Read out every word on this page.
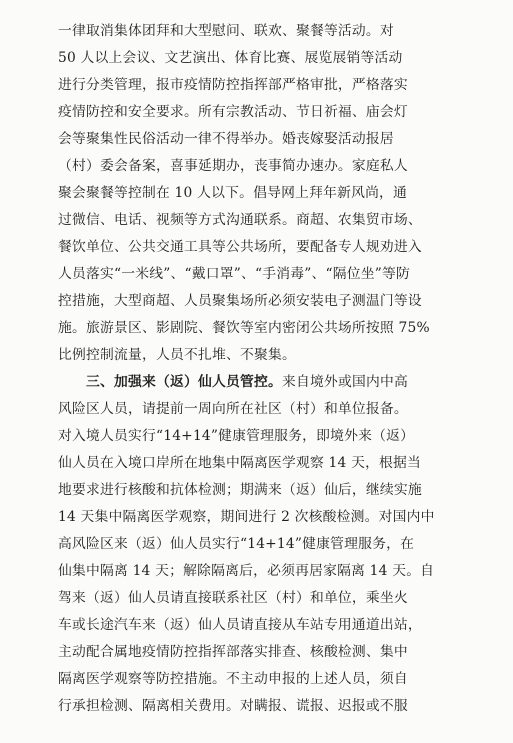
一律取消集体团拜和大型慰问、联欢、聚餐等活动。对
50 人以上会议、文艺演出、体育比赛、展览展销等活动
进行分类管理，报市疫情防控指挥部严格审批，严格落实
疫情防控和安全要求。所有宗教活动、节日祈福、庙会灯
会等聚集性民俗活动一律不得举办。婚丧嫁娶活动报居
（村）委会备案，喜事延期办，丧事简办速办。家庭私人
聚会聚餐等控制在 10 人以下。倡导网上拜年新风尚，通
过微信、电话、视频等方式沟通联系。商超、农集贸市场、
餐饮单位、公共交通工具等公共场所，要配备专人规劝进入
人员落实“一米线”、“戴口罩”、“手消毒”、“隔位坐”等防
控措施，大型商超、人员聚集场所必须安装电子测温门等设
施。旅游景区、影剧院、餐饮等室内密闭公共场所按照 75%
比例控制流量，人员不扎堆、不聚集。
三、加强来（返）仙人员管控。来自境外或国内中高
风险区人员，请提前一周向所在社区（村）和单位报备。
对入境人员实行“14+14”健康管理服务，即境外来（返）
仙人员在入境口岸所在地集中隔离医学观察 14 天，根据当
地要求进行核酸和抗体检测；期满来（返）仙后，继续实施
14 天集中隔离医学观察，期间进行 2 次核酸检测。对国内中
高风险区来（返）仙人员实行“14+14”健康管理服务，在
仙集中隔离 14 天；解除隔离后，必须再居家隔离 14 天。自
驾来（返）仙人员请直接联系社区（村）和单位，乘坐火
车或长途汽车来（返）仙人员请直接从车站专用通道出站，
主动配合属地疫情防控指挥部落实排查、核酸检测、集中
隔离医学观察等防控措施。不主动申报的上述人员，须自
行承担检测、隔离相关费用。对瞒报、谎报、迟报或不服
